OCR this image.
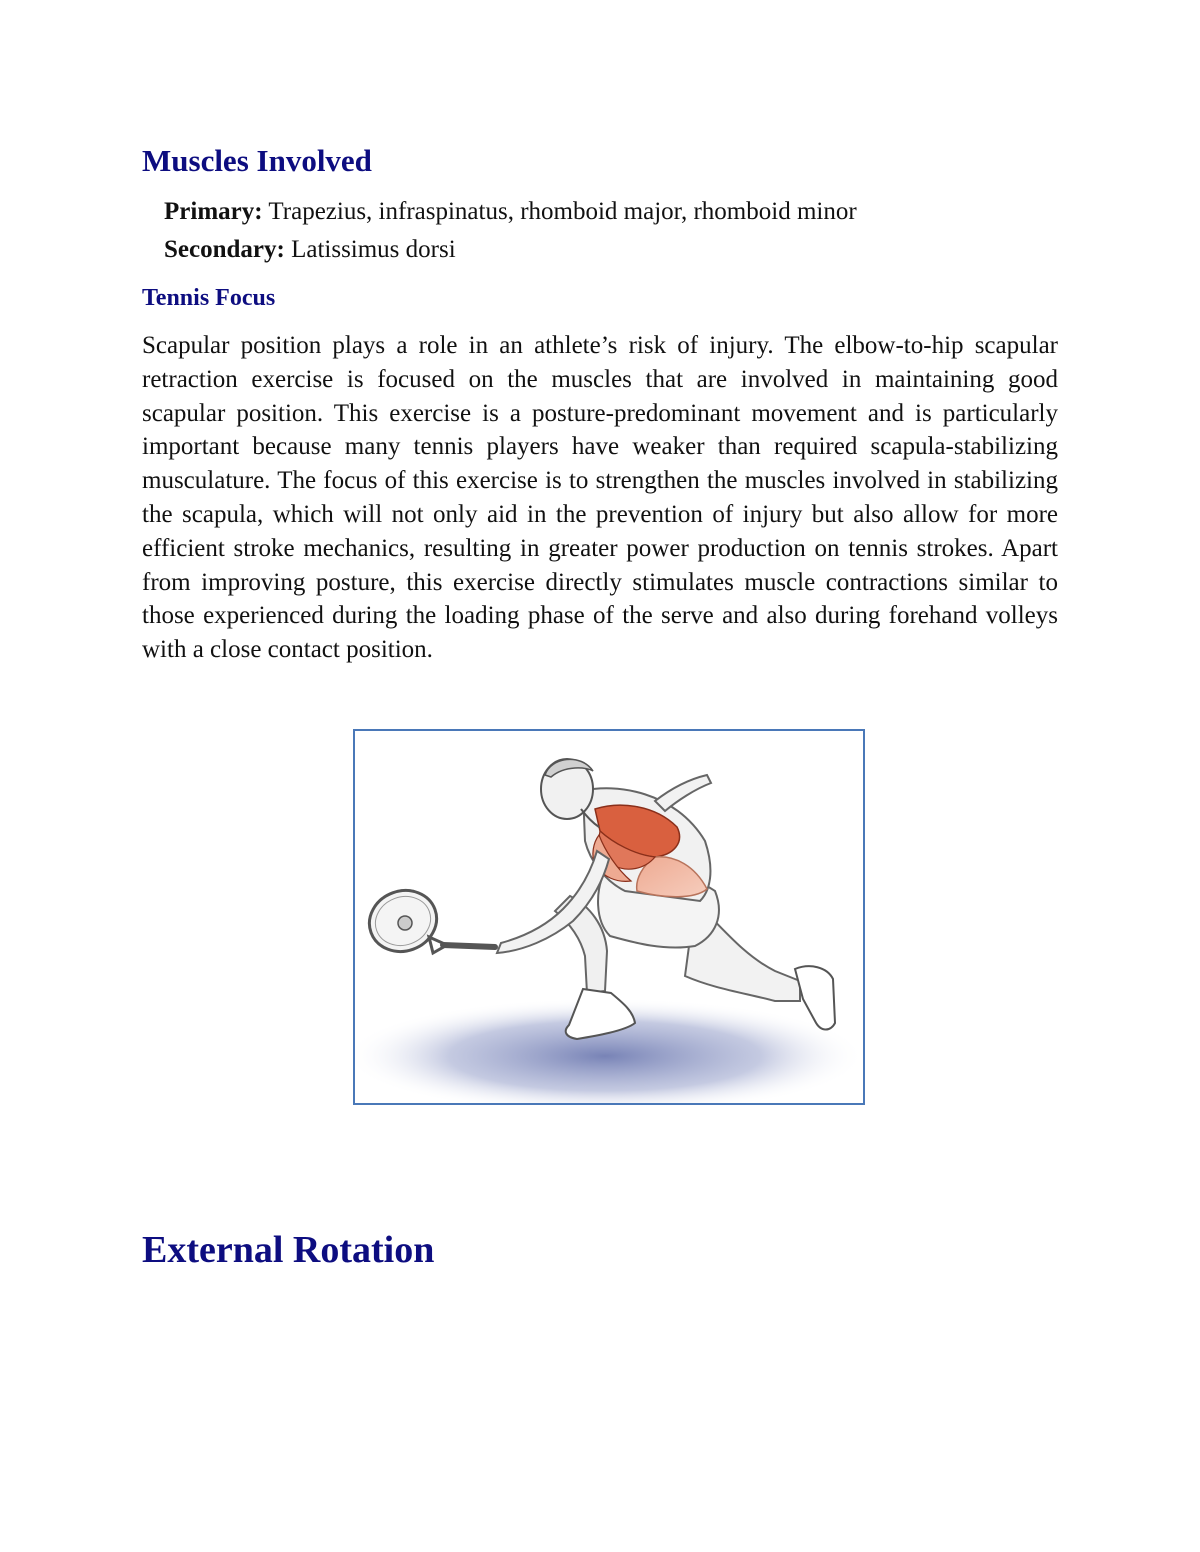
Muscles Involved
Primary: Trapezius, infraspinatus, rhomboid major, rhomboid minor
Secondary: Latissimus dorsi
Tennis Focus

Scapular position plays a role in an athlete’s risk of injury. The elbow-to-hip scapular retraction exercise is focused on the muscles that are involved in maintaining good scapular position. This exercise is a posture-predominant movement and is particularly important because many tennis players have weaker than required scapula-stabilizing musculature. The focus of this exercise is to strengthen the muscles involved in stabilizing the scapula, which will not only aid in the prevention of injury but also allow for more efficient stroke mechanics, resulting in greater power production on tennis strokes. Apart from improving posture, this exercise directly stimulates muscle contractions similar to those experienced during the loading phase of the serve and also during forehand volleys with a close contact position.

External Rotation
